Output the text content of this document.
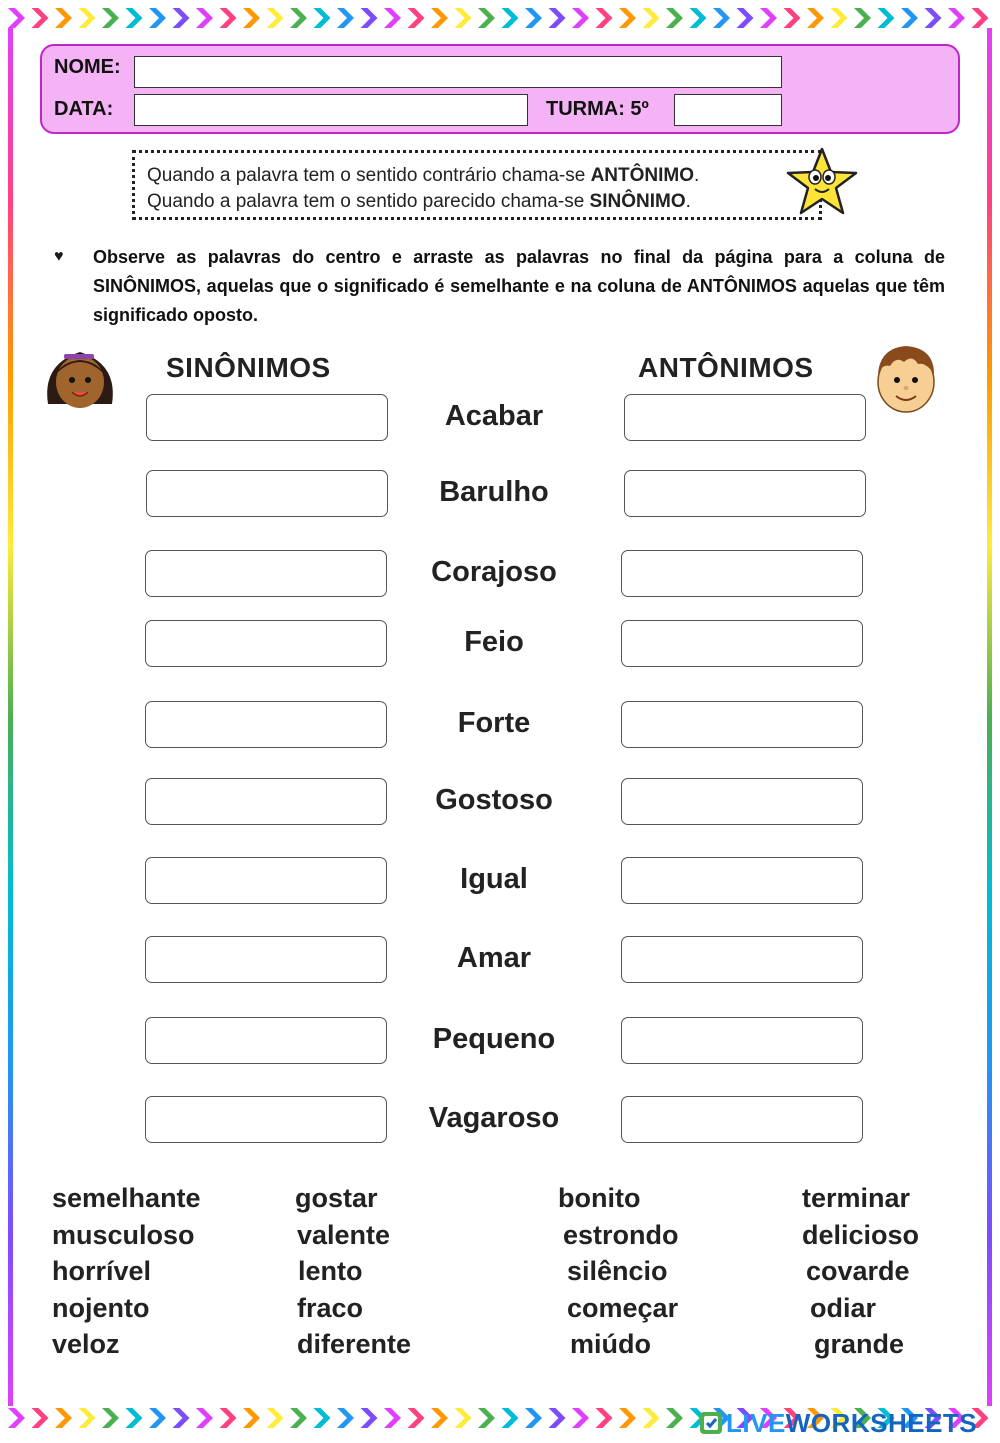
NOME:
DATA:	TURMA: 5º
Quando a palavra tem o sentido contrário chama-se ANTÔNIMO.
Quando a palavra tem o sentido parecido chama-se SINÔNIMO.
♥ Observe as palavras do centro e arraste as palavras no final da página para a coluna de SINÔNIMOS, aquelas que o significado é semelhante e na coluna de ANTÔNIMOS aquelas que têm significado oposto.
SINÔNIMOS	ANTÔNIMOS
Acabar
Barulho
Corajoso
Feio
Forte
Gostoso
Igual
Amar
Pequeno
Vagaroso
semelhante
musculoso
horrível
nojento
veloz
gostar
valente
lento
fraco
diferente
bonito
estrondo
silêncio
começar
miúdo
terminar
delicioso
covarde
odiar
grande
LIVEWORKSHEETS
